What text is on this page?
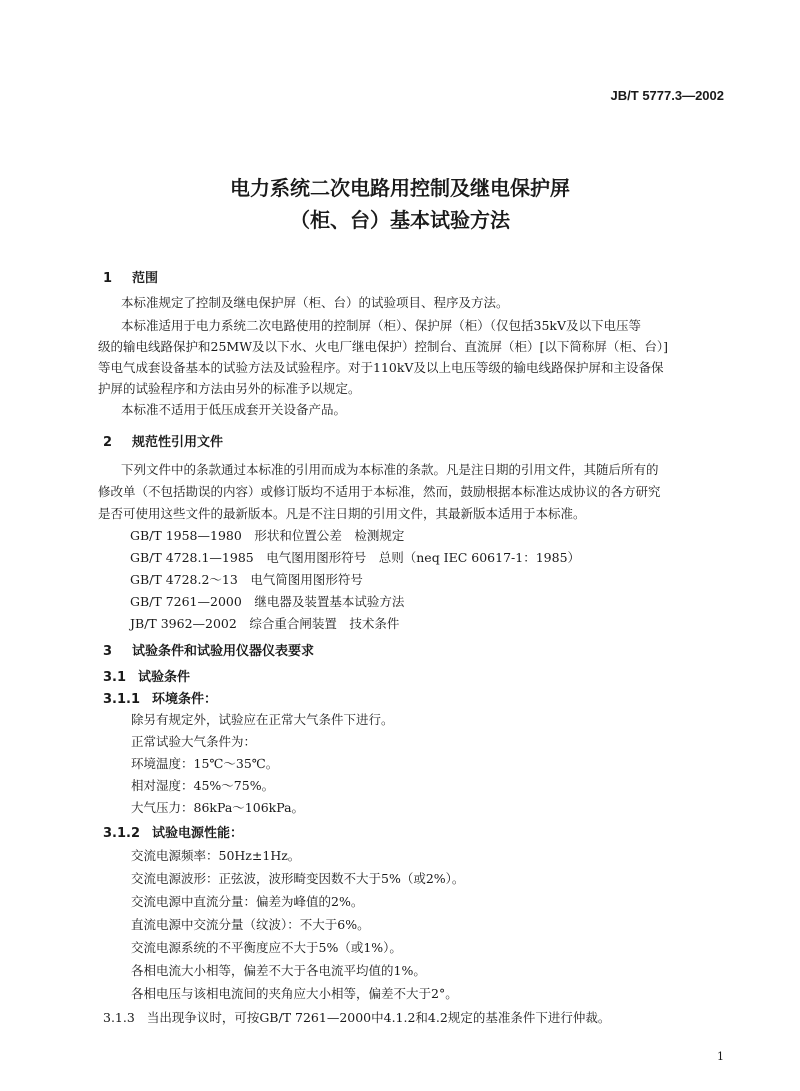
JB/T 5777.3—2002
电力系统二次电路用控制及继电保护屏
（柜、台）基本试验方法
1 范围
本标准规定了控制及继电保护屏（柜、台）的试验项目、程序及方法。
本标准适用于电力系统二次电路使用的控制屏（柜）、保护屏（柜）（仅包括35kV及以下电压等
级的输电线路保护和25MW及以下水、火电厂继电保护）控制台、直流屏（柜）[以下简称屏（柜、台）]
等电气成套设备基本的试验方法及试验程序。对于110kV及以上电压等级的输电线路保护屏和主设备保
护屏的试验程序和方法由另外的标准予以规定。
本标准不适用于低压成套开关设备产品。
2 规范性引用文件
下列文件中的条款通过本标准的引用而成为本标准的条款。凡是注日期的引用文件，其随后所有的
修改单（不包括勘误的内容）或修订版均不适用于本标准，然而，鼓励根据本标准达成协议的各方研究
是否可使用这些文件的最新版本。凡是不注日期的引用文件，其最新版本适用于本标准。
GB/T 1958—1980　形状和位置公差　检测规定
GB/T 4728.1—1985　电气图用图形符号　总则（neq IEC 60617-1：1985）
GB/T 4728.2～13　电气简图用图形符号
GB/T 7261—2000　继电器及装置基本试验方法
JB/T 3962—2002　综合重合闸装置　技术条件
3 试验条件和试验用仪器仪表要求
3.1 试验条件
3.1.1 环境条件：
除另有规定外，试验应在正常大气条件下进行。
正常试验大气条件为：
环境温度：15℃～35℃。
相对湿度：45%～75%。
大气压力：86kPa～106kPa。
3.1.2 试验电源性能：
交流电源频率：50Hz±1Hz。
交流电源波形：正弦波，波形畸变因数不大于5%（或2%）。
交流电源中直流分量：偏差为峰值的2%。
直流电源中交流分量（纹波）：不大于6%。
交流电源系统的不平衡度应不大于5%（或1%）。
各相电流大小相等，偏差不大于各电流平均值的1%。
各相电压与该相电流间的夹角应大小相等，偏差不大于2°。
3.1.3 当出现争议时，可按GB/T 7261—2000中4.1.2和4.2规定的基准条件下进行仲裁。
1
